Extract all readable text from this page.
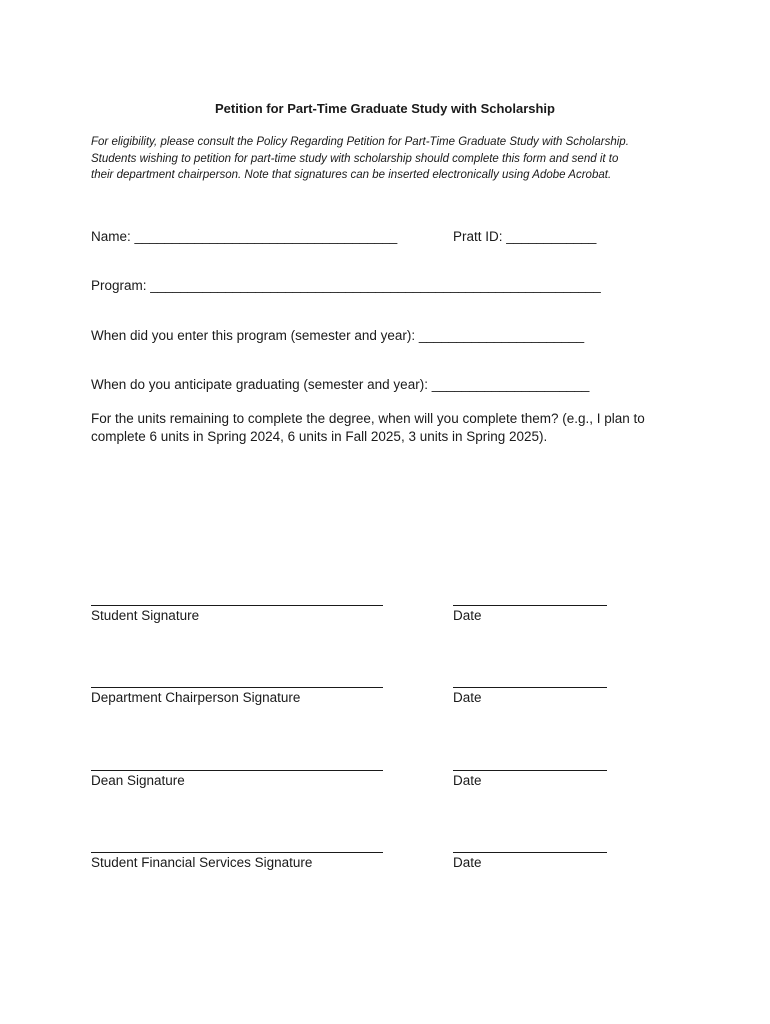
Petition for Part-Time Graduate Study with Scholarship
For eligibility, please consult the Policy Regarding Petition for Part-Time Graduate Study with Scholarship.
Students wishing to petition for part-time study with scholarship should complete this form and send it to
their department chairperson. Note that signatures can be inserted electronically using Adobe Acrobat.
Name: ___________________________________	Pratt ID: ____________
Program: ____________________________________________________________
When did you enter this program (semester and year): ______________________
When do you anticipate graduating (semester and year): _____________________
For the units remaining to complete the degree, when will you complete them? (e.g., I plan to
complete 6 units in Spring 2024, 6 units in Fall 2025, 3 units in Spring 2025).
Student Signature	Date
Department Chairperson Signature	Date
Dean Signature	Date
Student Financial Services Signature	Date
